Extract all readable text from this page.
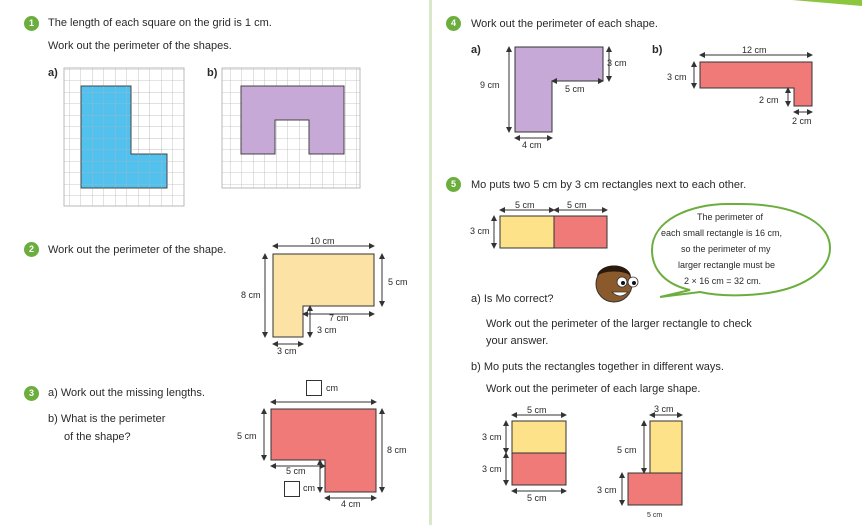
1	The length of each square on the grid is 1 cm.
Work out the perimeter of the shapes.
a)	b)
2	Work out the perimeter of the shape.
10 cm
8 cm
5 cm
7 cm
3 cm
3 cm
3	a) Work out the missing lengths.
b) What is the perimeter
of the shape?
cm
5 cm
8 cm
5 cm
cm
4 cm
4	Work out the perimeter of each shape.
a)	b)
9 cm
3 cm
5 cm
4 cm
12 cm
3 cm
2 cm
2 cm
5	Mo puts two 5 cm by 3 cm rectangles next to each other.
5 cm	5 cm
3 cm
The perimeter of
each small rectangle is 16 cm,
so the perimeter of my
larger rectangle must be
2 × 16 cm = 32 cm.
a) Is Mo correct?
Work out the perimeter of the larger rectangle to check
your answer.
b) Mo puts the rectangles together in different ways.
Work out the perimeter of each large shape.
5 cm
3 cm
3 cm
5 cm
3 cm
5 cm
3 cm
5 cm
